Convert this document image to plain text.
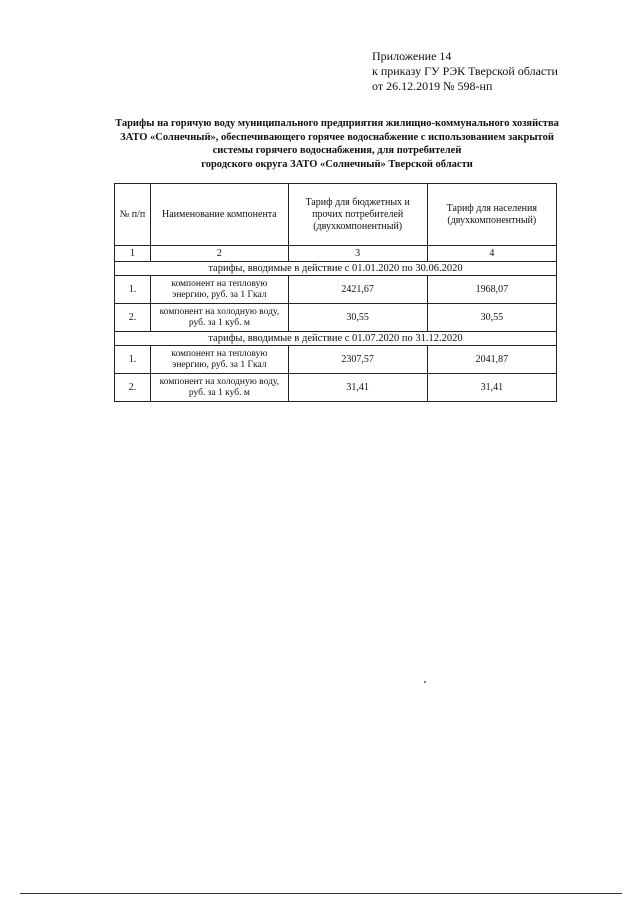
Приложение 14
к приказу ГУ РЭК Тверской области
от 26.12.2019 № 598-нп
Тарифы на горячую воду муниципального предприятия жилищно-коммунального хозяйства
ЗАТО «Солнечный», обеспечивающего горячее водоснабжение с использованием закрытой
системы горячего водоснабжения, для потребителей
городского округа ЗАТО «Солнечный» Тверской области
№ п/п	Наименование компонента	Тариф для бюджетных и прочих потребителей (двухкомпонентный)	Тариф для населения (двухкомпонентный)
1	2	3	4
тарифы, вводимые в действие с 01.01.2020 по 30.06.2020			
1.	компонент на тепловую энергию, руб. за 1 Гкал	2421,67	1968,07
2.	компонент на холодную воду, руб. за 1 куб. м	30,55	30,55
тарифы, вводимые в действие с 01.07.2020 по 31.12.2020			
1.	компонент на тепловую энергию, руб. за 1 Гкал	2307,57	2041,87
2.	компонент на холодную воду, руб. за 1 куб. м	31,41	31,41
